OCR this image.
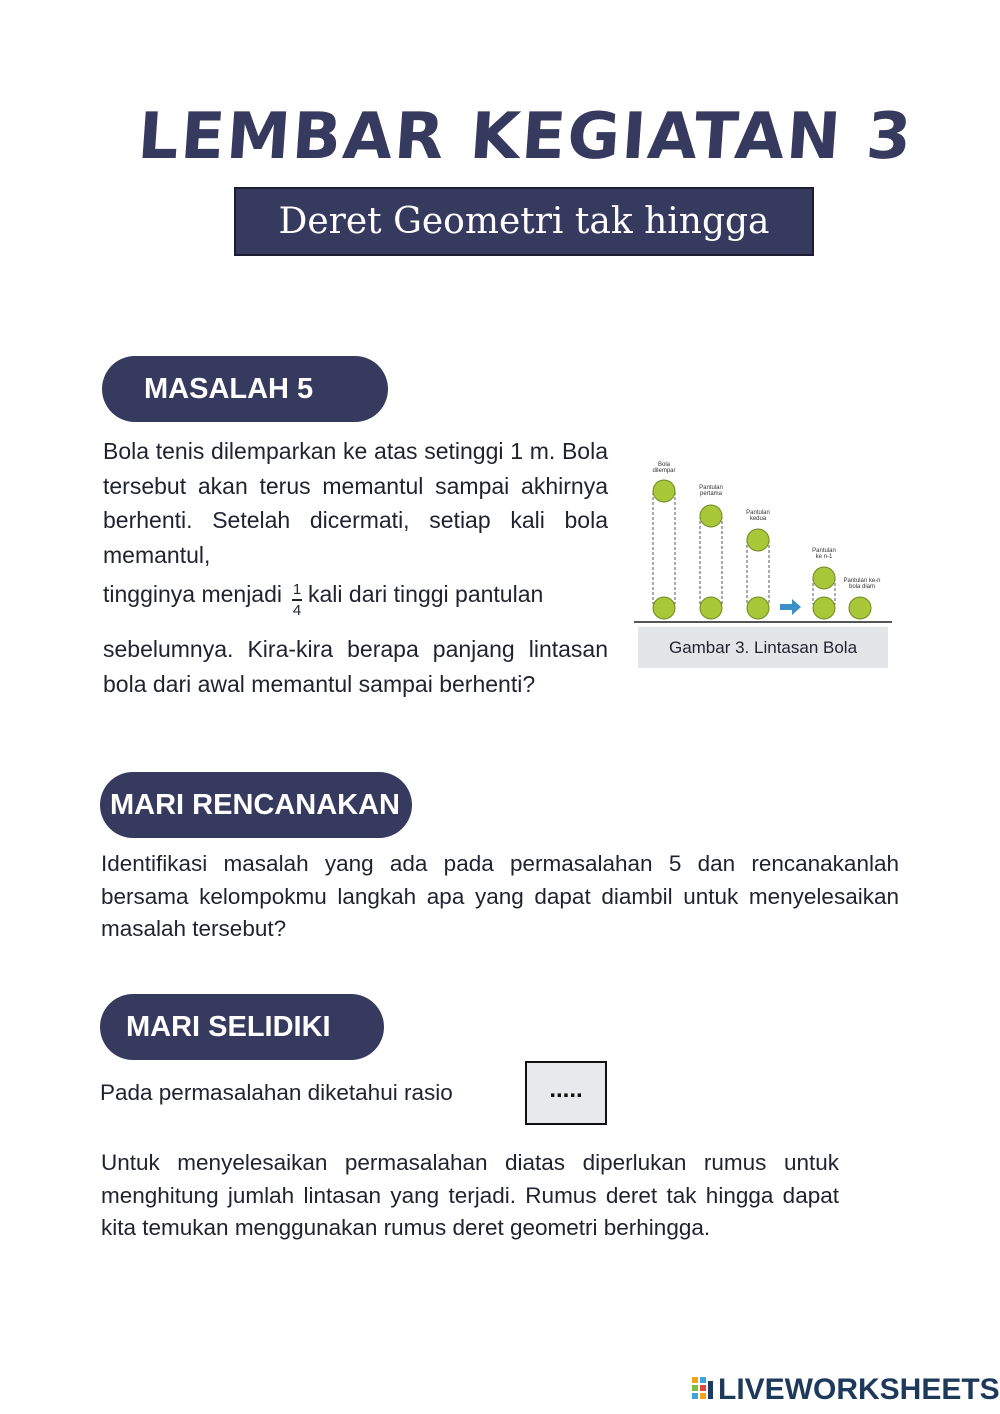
LEMBAR KEGIATAN 3
Deret Geometri tak hingga
MASALAH 5
Bola tenis dilemparkan ke atas setinggi 1 m. Bola tersebut akan terus memantul sampai akhirnya berhenti. Setelah dicermati, setiap kali bola memantul,
tingginya menjadi $\frac{1}{4}$ kali dari tinggi pantulan
sebelumnya. Kira-kira berapa panjang lintasan bola dari awal memantul sampai berhenti?
Bola dilempar
Pantulan pertama
Pantulan kedua
Pantulan ke n-1
Pantulan ke-n bola diam
Gambar 3. Lintasan Bola
MARI RENCANAKAN
Identifikasi masalah yang ada pada permasalahan 5 dan rencanakanlah bersama kelompokmu langkah apa yang dapat diambil untuk menyelesaikan masalah tersebut?
MARI SELIDIKI
Pada permasalahan diketahui rasio	.....
Untuk menyelesaikan permasalahan diatas diperlukan rumus untuk menghitung jumlah lintasan yang terjadi. Rumus deret tak hingga dapat kita temukan menggunakan rumus deret geometri berhingga.
LIVEWORKSHEETS
